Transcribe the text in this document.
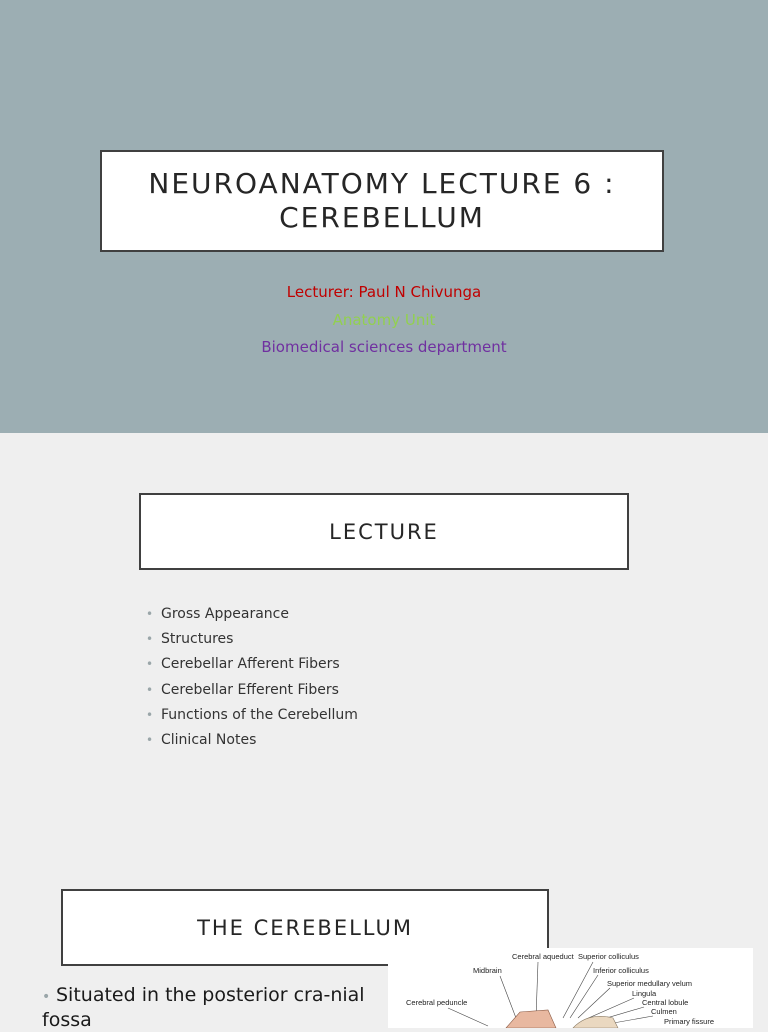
NEUROANATOMY LECTURE 6 : CEREBELLUM
Lecturer: Paul N Chivunga
Anatomy Unit
Biomedical sciences department
LECTURE
• Gross Appearance
• Structures
• Cerebellar Afferent Fibers
• Cerebellar Efferent Fibers
• Functions of the Cerebellum
• Clinical Notes
THE CEREBELLUM
• Situated in the posterior cra-nial fossa
Cerebral aqueduct Superior colliculus
Midbrain	Inferior colliculus
Superior medullary velum
Lingula
Cerebral peduncle	Central lobule
Culmen
Primary fissure
